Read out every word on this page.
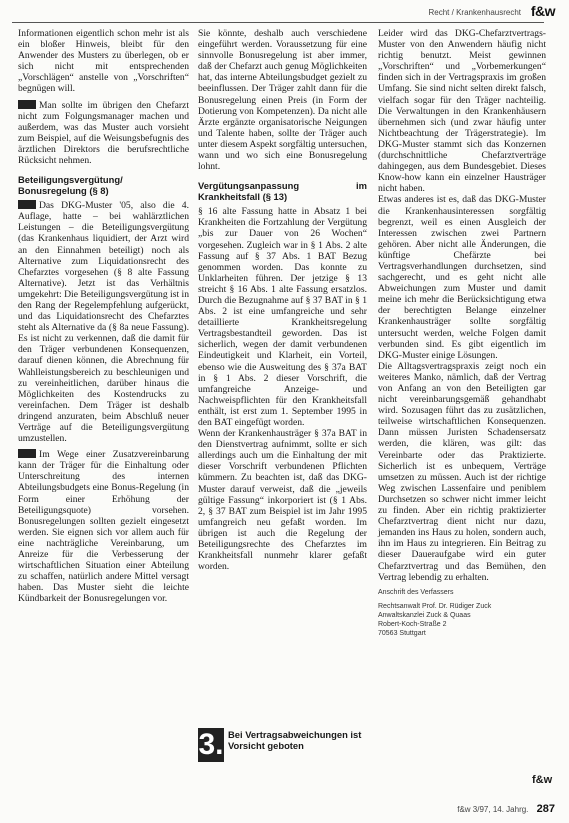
Recht / Krankenhausrecht f&w

Informationen eigentlich schon mehr ist als ein bloßer Hinweis, bleibt für den Anwender des Musters zu überlegen, ob er sich nicht mit entsprechenden „Vorschlägen“ anstelle von „Vorschriften“ begnügen will.

Man sollte im übrigen den Chefarzt nicht zum Folgungsmanager machen und außerdem, was das Muster auch vorsieht zum Beispiel, auf die Weisungsbefugnis des ärztlichen Direktors die berufsrechtliche Rücksicht nehmen.

Beteiligungsvergütung/ Bonusregelung (§ 8)

Das DKG-Muster '05, also die 4. Auflage, hatte – bei wahlärztlichen Leistungen – die Beteiligungsvergütung (das Krankenhaus liquidiert, der Arzt wird an den Einnahmen beteiligt) noch als Alternative zum Liquidationsrecht des Chefarztes vorgesehen (§ 8 alte Fassung Alternative). Jetzt ist das Verhältnis umgekehrt: Die Beteiligungsvergütung ist in den Rang der Regelempfehlung aufgerückt, und das Liquidationsrecht des Chefarztes steht als Alternative da (§ 8a neue Fassung). Es ist nicht zu verkennen, daß die damit für den Träger verbundenen Konsequenzen, darauf dienen können, die Abrechnung für Wahlleistungsbereich zu beschleunigen und zu vereinheitlichen, darüber hinaus die Möglichkeiten des Kostendrucks zu vereinfachen. Dem Träger ist deshalb dringend anzuraten, beim Abschluß neuer Verträge auf die Beteiligungsvergütung umzustellen.

Im Wege einer Zusatzvereinbarung kann der Träger für die Einhaltung oder Unterschreitung des internen Abteilungsbudgets eine Bonus-Regelung (in Form einer Erhöhung der Beteiligungsquote) vorsehen. Bonusregelungen sollten gezielt eingesetzt werden. Sie eignen sich vor allem auch für eine nachträgliche Vereinbarung, um Anreize für die Verbesserung der wirtschaftlichen Situation einer Abteilung zu schaffen, natürlich andere Mittel versagt haben. Das Muster sieht die leichte Kündbarkeit der Bonusregelungen vor.

Sie könnte, deshalb auch verschiedene eingeführt werden. Voraussetzung für eine sinnvolle Bonusregelung ist aber immer, daß der Chefarzt auch genug Möglichkeiten hat, das interne Abteilungsbudget gezielt zu beeinflussen. Der Träger zahlt dann für die Bonusregelung einen Preis (in Form der Dotierung von Kompetenzen). Da nicht alle Ärzte ergänzte organisatorische Neigungen und Talente haben, sollte der Träger auch unter diesem Aspekt sorgfältig untersuchen, wann und wo sich eine Bonusregelung lohnt.

Vergütungsanpassung im Krankheitsfall (§ 13)

§ 16 alte Fassung hatte in Absatz 1 bei Krankheiten die Fortzahlung der Vergütung „bis zur Dauer von 26 Wochen“ vorgesehen. Zugleich war in § 1 Abs. 2 alte Fassung auf § 37 Abs. 1 BAT Bezug genommen worden. Das konnte zu Unklarheiten führen. Der jetzige § 13 streicht § 16 Abs. 1 alte Fassung ersatzlos. Durch die Bezugnahme auf § 37 BAT in § 1 Abs. 2 ist eine umfangreiche und sehr detaillierte Krankheitsregelung Vertragsbestandteil geworden. Das ist sicherlich, wegen der damit verbundenen Eindeutigkeit und Klarheit, ein Vorteil, ebenso wie die Ausweitung des § 37a BAT in § 1 Abs. 2 dieser Vorschrift, die umfangreiche Anzeige- und Nachweispflichten für den Krankheitsfall enthält, ist erst zum 1. September 1995 in den BAT eingefügt worden.

Wenn der Krankenhausträger § 37a BAT in den Dienstvertrag aufnimmt, sollte er sich allerdings auch um die Einhaltung der mit dieser Vorschrift verbundenen Pflichten kümmern. Zu beachten ist, daß das DKG-Muster darauf verweist, daß die „jeweils gültige Fassung“ inkorporiert ist (§ 1 Abs. 2, § 37 BAT zum Beispiel ist im Jahr 1995 umfangreich neu gefaßt worden. Im übrigen ist auch die Regelung der Beteiligungsrechte des Chefarztes im Krankheitsfall nunmehr klarer gefaßt worden.

3. Bei Vertragsabweichungen ist Vorsicht geboten

Leider wird das DKG-Chefarztvertrags-Muster von den Anwendern häufig nicht richtig benutzt. Meist gewinnen „Vorschriften“ und „Vorbemerkungen“ finden sich in der Vertragspraxis im großen Umfang. Sie sind nicht selten direkt falsch, vielfach sogar für den Träger nachteilig. Die Verwaltungen in den Krankenhäusern übernehmen sich (und zwar häufig unter Nichtbeachtung der Trägerstrategie). Im DKG-Muster stammt sich das Konzernen (durchschnittliche Chefarztverträge dahingegen, aus dem Bundesgebiet. Dieses Know-how kann ein einzelner Hausträger nicht haben.

Etwas anderes ist es, daß das DKG-Muster die Krankenhausinteressen sorgfältig begrenzt, weil es einen Ausgleich der Interessen zwischen zwei Partnern gehören. Aber nicht alle Änderungen, die künftige Chefärzte bei Vertragsverhandlungen durchsetzen, sind sachgerecht, und es geht nicht alle Abweichungen zum Muster und damit meine ich mehr die Berücksichtigung etwa der berechtigten Belange einzelner Krankenhausträger sollte sorgfältig untersucht werden, welche Folgen damit verbunden sind. Es gibt eigentlich im DKG-Muster einige Lösungen.

Die Alltagsvertragspraxis zeigt noch ein weiteres Manko, nämlich, daß der Vertrag von Anfang an von den Beteiligten gar nicht vereinbarungsgemäß gehandhabt wird. Sozusagen führt das zu zusätzlichen, teilweise wirtschaftlichen Konsequenzen. Dann müssen Juristen Schadensersatz werden, die klären, was gilt: das Vereinbarte oder das Praktizierte. Sicherlich ist es unbequem, Verträge umsetzen zu müssen. Auch ist der richtige Weg zwischen Lassenfaire und peniblem Durchsetzen so schwer nicht immer leicht zu finden. Aber ein richtig praktizierter Chefarztvertrag dient nicht nur dazu, jemanden ins Haus zu holen, sondern auch, ihn im Haus zu integrieren. Ein Beitrag zu dieser Daueraufgabe wird ein guter Chefarztvertrag und das Bemühen, den Vertrag lebendig zu erhalten.

Anschrift des Verfassers
Rechtsanwalt Prof. Dr. Rüdiger Zuck
Anwaltskanzlei Zuck & Quaas
Robert-Koch-Straße 2
70563 Stuttgart
f&w
f&w 3/97, 14. Jahrg. 287
